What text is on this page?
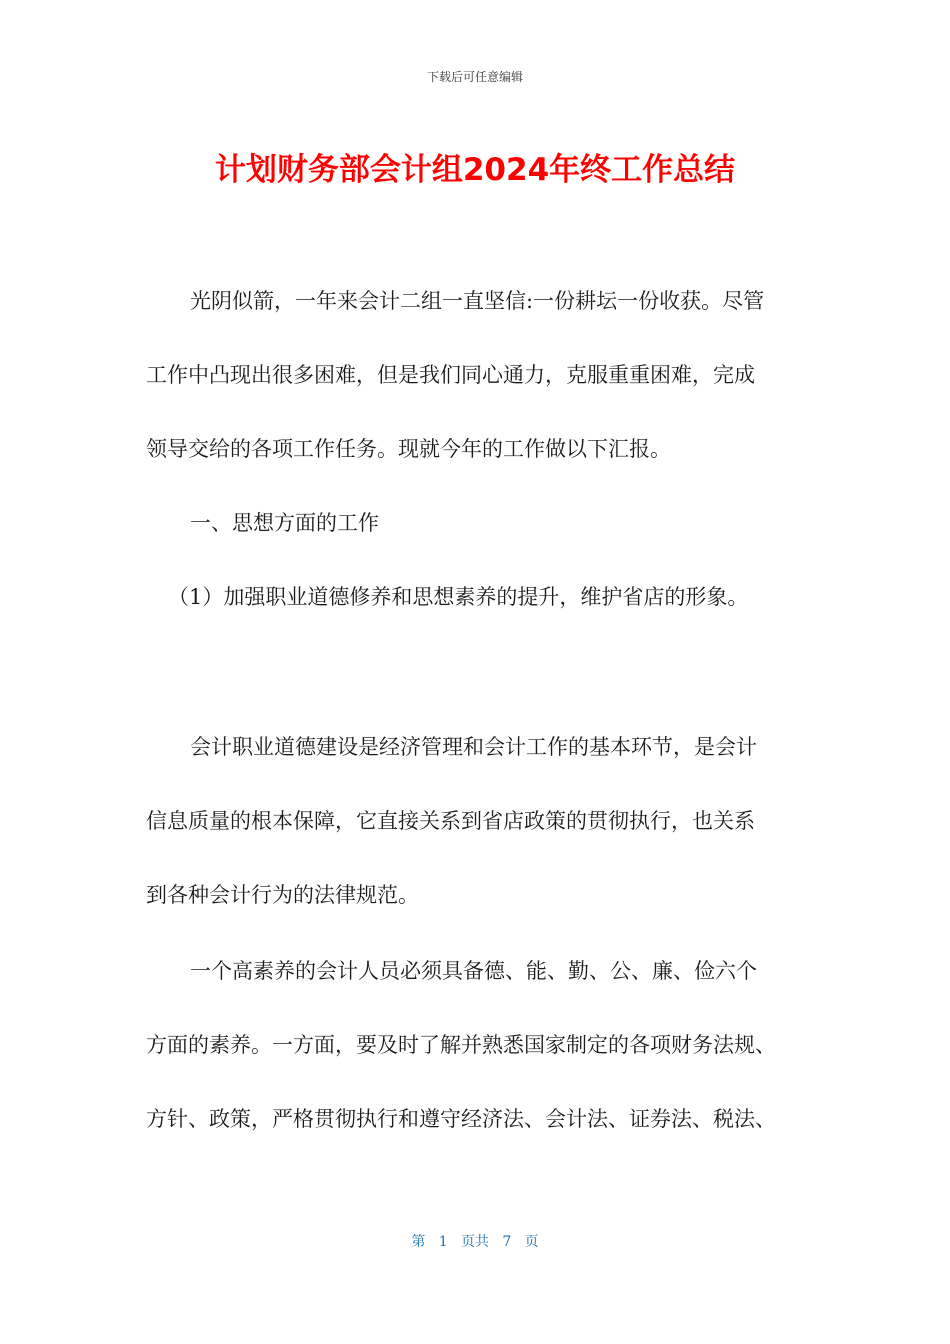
下载后可任意编辑
计划财务部会计组2024年终工作总结
光阴似箭，一年来会计二组一直坚信:一份耕坛一份收获。尽管
工作中凸现出很多困难，但是我们同心通力，克服重重困难，完成
领导交给的各项工作任务。现就今年的工作做以下汇报。
一、思想方面的工作
（1）加强职业道德修养和思想素养的提升，维护省店的形象。
会计职业道德建设是经济管理和会计工作的基本环节，是会计
信息质量的根本保障，它直接关系到省店政策的贯彻执行，也关系
到各种会计行为的法律规范。
一个高素养的会计人员必须具备德、能、勤、公、廉、俭六个
方面的素养。一方面，要及时了解并熟悉国家制定的各项财务法规、
方针、政策，严格贯彻执行和遵守经济法、会计法、证券法、税法、
第 1 页共 7 页
